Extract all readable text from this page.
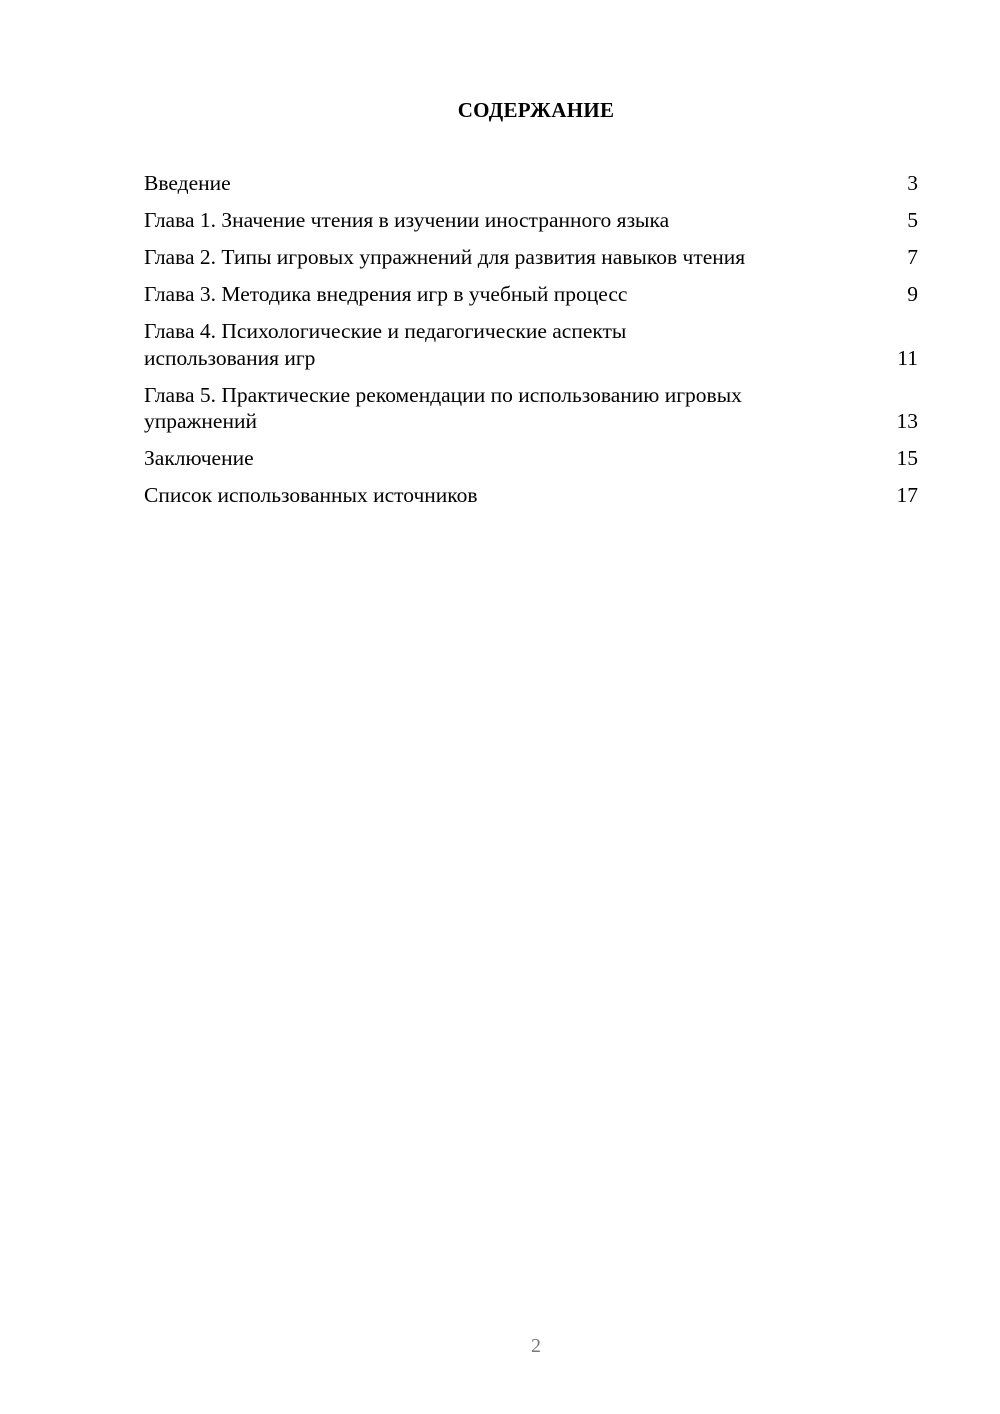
СОДЕРЖАНИЕ
Введение	3
Глава 1. Значение чтения в изучении иностранного языка	5
Глава 2. Типы игровых упражнений для развития навыков чтения	7
Глава 3. Методика внедрения игр в учебный процесс	9
Глава 4. Психологические и педагогические аспекты использования игр	11
Глава 5. Практические рекомендации по использованию игровых упражнений	13
Заключение	15
Список использованных источников	17
2
